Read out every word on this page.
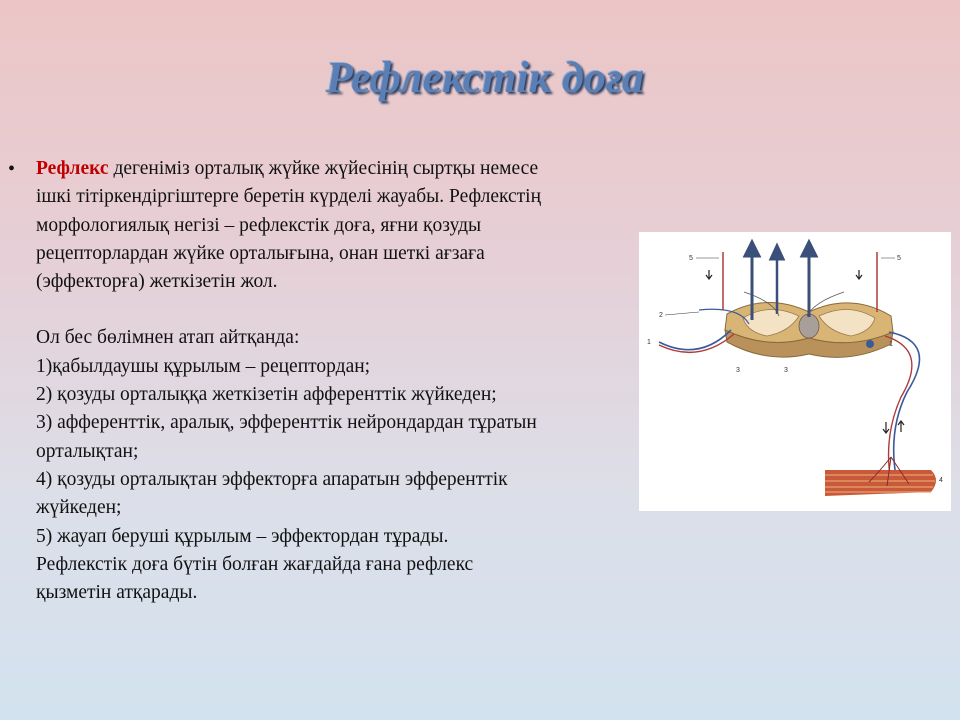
Рефлекстік доға
•	Рефлекс дегеніміз орталық жүйке жүйесінің сыртқы немесе
ішкі тітіркендіргіштерге беретін күрделі жауабы. Рефлекстің
морфологиялық негізі – рефлекстік доға, яғни қозуды
рецепторлардан жүйке орталығына, онан шеткі ағзаға
(эффекторға) жеткізетін жол.
Ол бес бөлімнен атап айтқанда:
1)қабылдаушы құрылым – рецептордан;
2) қозуды орталыққа жеткізетін афференттік жүйкеден;
3) афференттік, аралық, эфференттік нейрондардан тұратын
орталықтан;
4) қозуды орталықтан эффекторға апаратын эфференттік
жүйкеден;
5) жауап беруші құрылым – эффектордан тұрады.
Рефлекстік доға бүтін болған жағдайда ғана рефлекс
қызметін атқарады.
5	5
2
1	1
3	3
4
